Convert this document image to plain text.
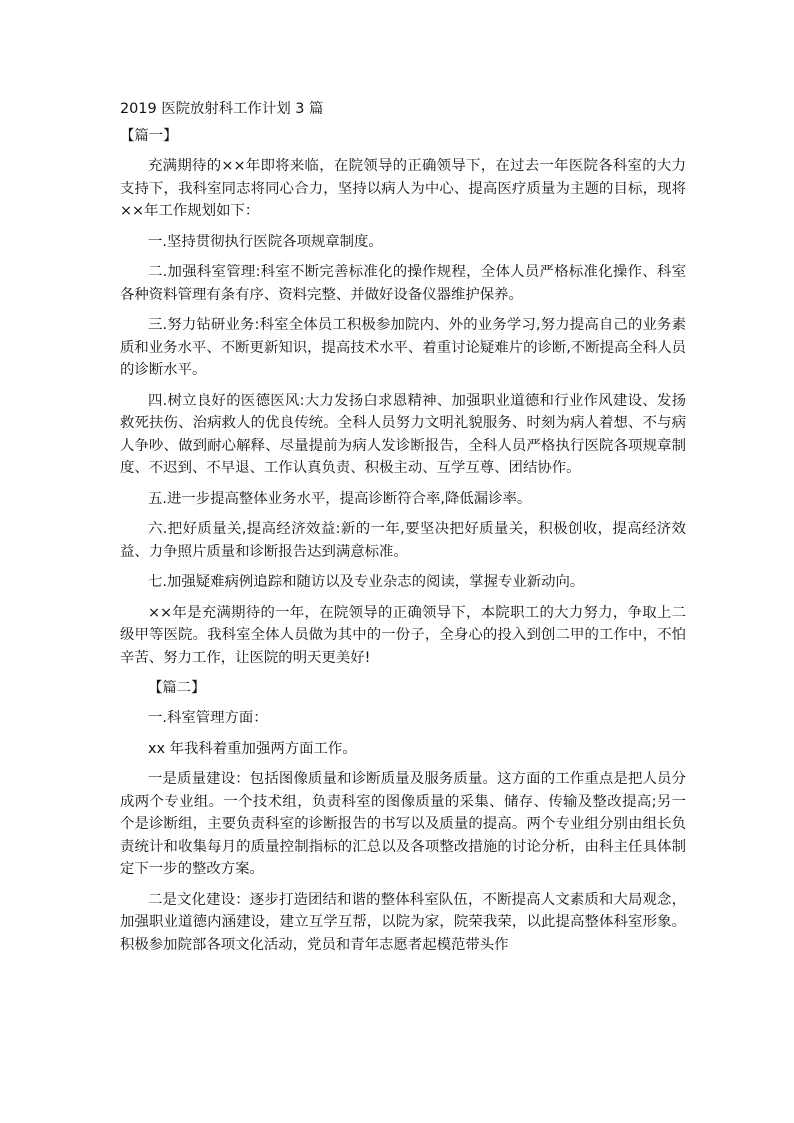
2019 医院放射科工作计划 3 篇
【篇一】

充满期待的××年即将来临，在院领导的正确领导下，在过去一年医院各科室的大力支持下，我科室同志将同心合力，坚持以病人为中心、提高医疗质量为主题的目标，现将××年工作规划如下：

一.坚持贯彻执行医院各项规章制度。

二.加强科室管理:科室不断完善标准化的操作规程，全体人员严格标准化操作、科室各种资料管理有条有序、资料完整、并做好设备仪器维护保养。

三.努力钻研业务:科室全体员工积极参加院内、外的业务学习,努力提高自己的业务素质和业务水平、不断更新知识，提高技术水平、着重讨论疑难片的诊断,不断提高全科人员的诊断水平。

四.树立良好的医德医风:大力发扬白求恩精神、加强职业道德和行业作风建设、发扬救死扶伤、治病救人的优良传统。全科人员努力文明礼貌服务、时刻为病人着想、不与病人争吵、做到耐心解释、尽量提前为病人发诊断报告，全科人员严格执行医院各项规章制度、不迟到、不早退、工作认真负责、积极主动、互学互尊、团结协作。

五.进一步提高整体业务水平，提高诊断符合率,降低漏诊率。

六.把好质量关,提高经济效益:新的一年,要坚决把好质量关，积极创收，提高经济效益、力争照片质量和诊断报告达到满意标准。

七.加强疑难病例追踪和随访以及专业杂志的阅读，掌握专业新动向。

××年是充满期待的一年，在院领导的正确领导下，本院职工的大力努力，争取上二级甲等医院。我科室全体人员做为其中的一份子，全身心的投入到创二甲的工作中，不怕辛苦、努力工作，让医院的明天更美好!

【篇二】

一.科室管理方面：

xx 年我科着重加强两方面工作。

一是质量建设：包括图像质量和诊断质量及服务质量。这方面的工作重点是把人员分成两个专业组。一个技术组，负责科室的图像质量的采集、储存、传输及整改提高;另一个是诊断组，主要负责科室的诊断报告的书写以及质量的提高。两个专业组分别由组长负责统计和收集每月的质量控制指标的汇总以及各项整改措施的讨论分析，由科主任具体制定下一步的整改方案。

二是文化建设：逐步打造团结和谐的整体科室队伍，不断提高人文素质和大局观念，加强职业道德内涵建设，建立互学互帮，以院为家，院荣我荣，以此提高整体科室形象。积极参加院部各项文化活动，党员和青年志愿者起模范带头作
